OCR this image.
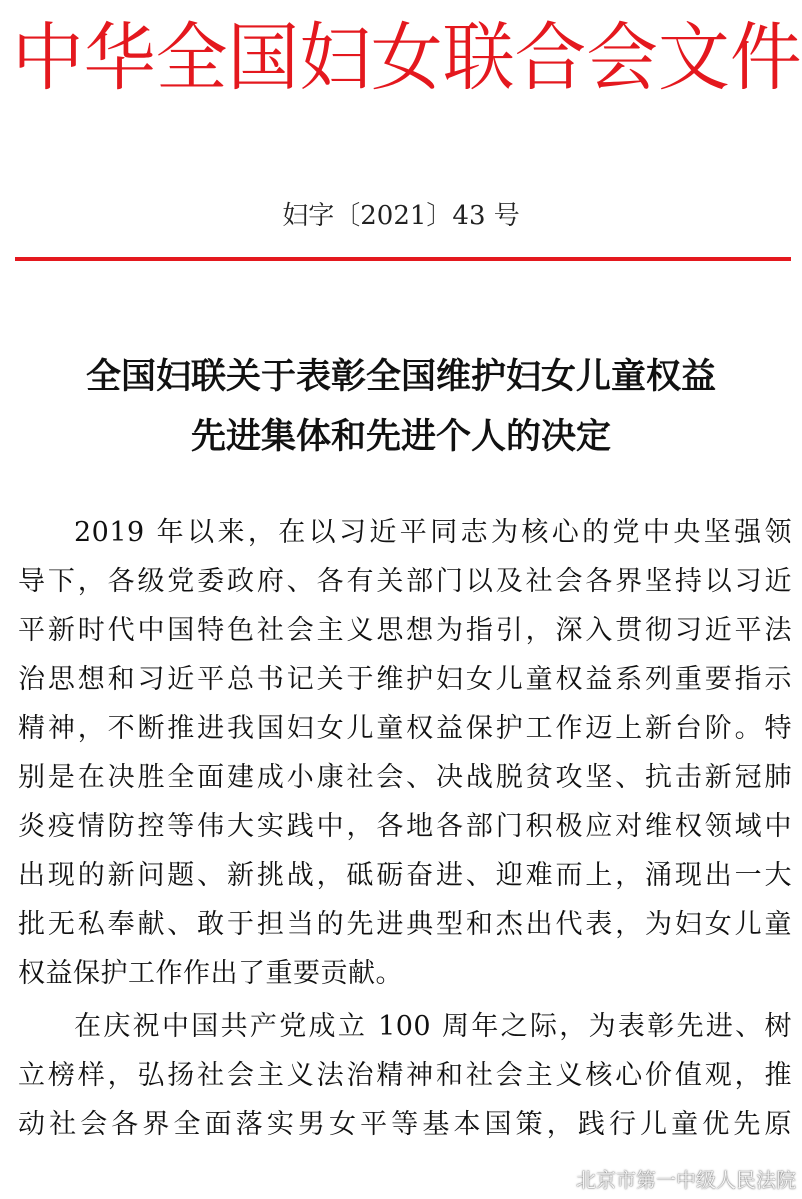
中华全国妇女联合会文件
妇字〔2021〕43 号
全国妇联关于表彰全国维护妇女儿童权益
先进集体和先进个人的决定
2019 年以来，在以习近平同志为核心的党中央坚强领
导下，各级党委政府、各有关部门以及社会各界坚持以习近
平新时代中国特色社会主义思想为指引，深入贯彻习近平法
治思想和习近平总书记关于维护妇女儿童权益系列重要指示
精神，不断推进我国妇女儿童权益保护工作迈上新台阶。特
别是在决胜全面建成小康社会、决战脱贫攻坚、抗击新冠肺
炎疫情防控等伟大实践中，各地各部门积极应对维权领域中
出现的新问题、新挑战，砥砺奋进、迎难而上，涌现出一大
批无私奉献、敢于担当的先进典型和杰出代表，为妇女儿童
权益保护工作作出了重要贡献。
在庆祝中国共产党成立 100 周年之际，为表彰先进、树
立榜样，弘扬社会主义法治精神和社会主义核心价值观，推
动社会各界全面落实男女平等基本国策，践行儿童优先原
北京市第一中级人民法院
